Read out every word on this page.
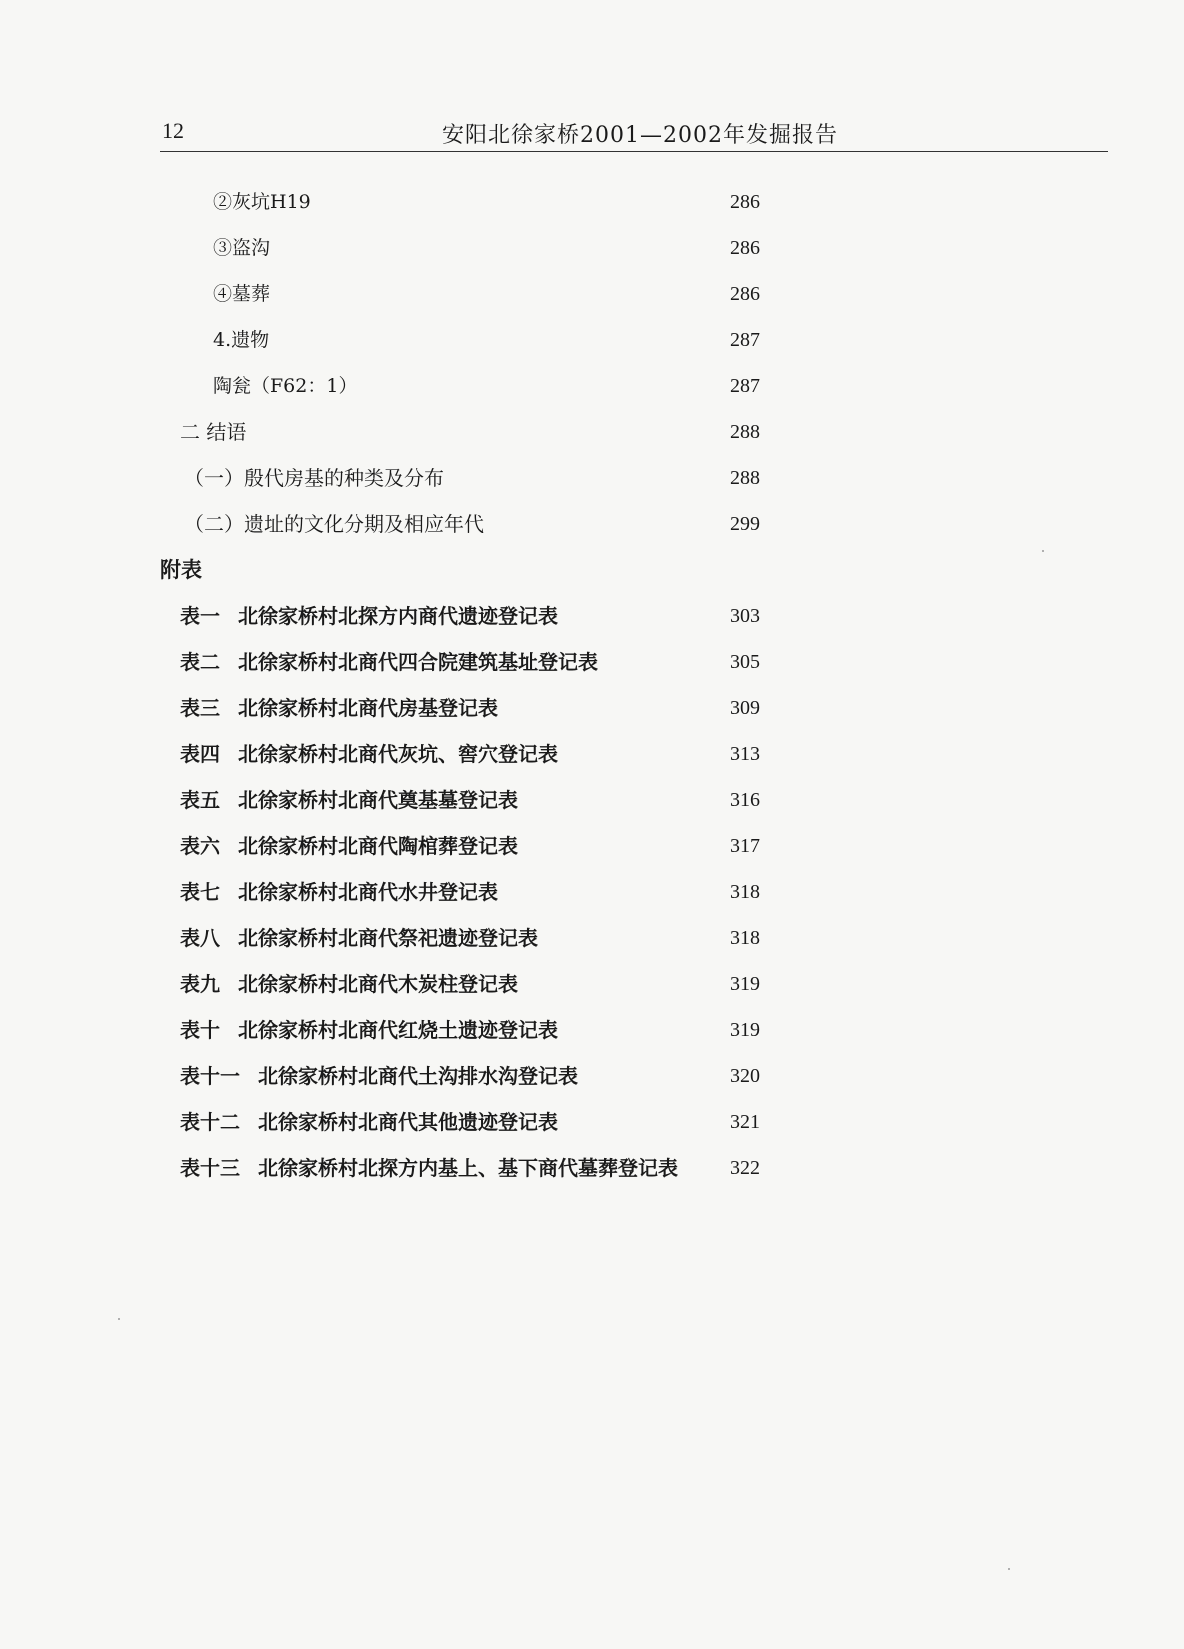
12	安阳北徐家桥2001—2002年发掘报告
②灰坑H19	286
③盗沟	286
④墓葬	286
4.遗物	287
陶瓮（F62：1）	287
二 结语	288
（一）殷代房基的种类及分布	288
（二）遗址的文化分期及相应年代	299
附表
表一 北徐家桥村北探方内商代遗迹登记表	303
表二 北徐家桥村北商代四合院建筑基址登记表	305
表三 北徐家桥村北商代房基登记表	309
表四 北徐家桥村北商代灰坑、窖穴登记表	313
表五 北徐家桥村北商代奠基墓登记表	316
表六 北徐家桥村北商代陶棺葬登记表	317
表七 北徐家桥村北商代水井登记表	318
表八 北徐家桥村北商代祭祀遗迹登记表	318
表九 北徐家桥村北商代木炭柱登记表	319
表十 北徐家桥村北商代红烧土遗迹登记表	319
表十一 北徐家桥村北商代土沟排水沟登记表	320
表十二 北徐家桥村北商代其他遗迹登记表	321
表十三 北徐家桥村北探方内基上、基下商代墓葬登记表	322
